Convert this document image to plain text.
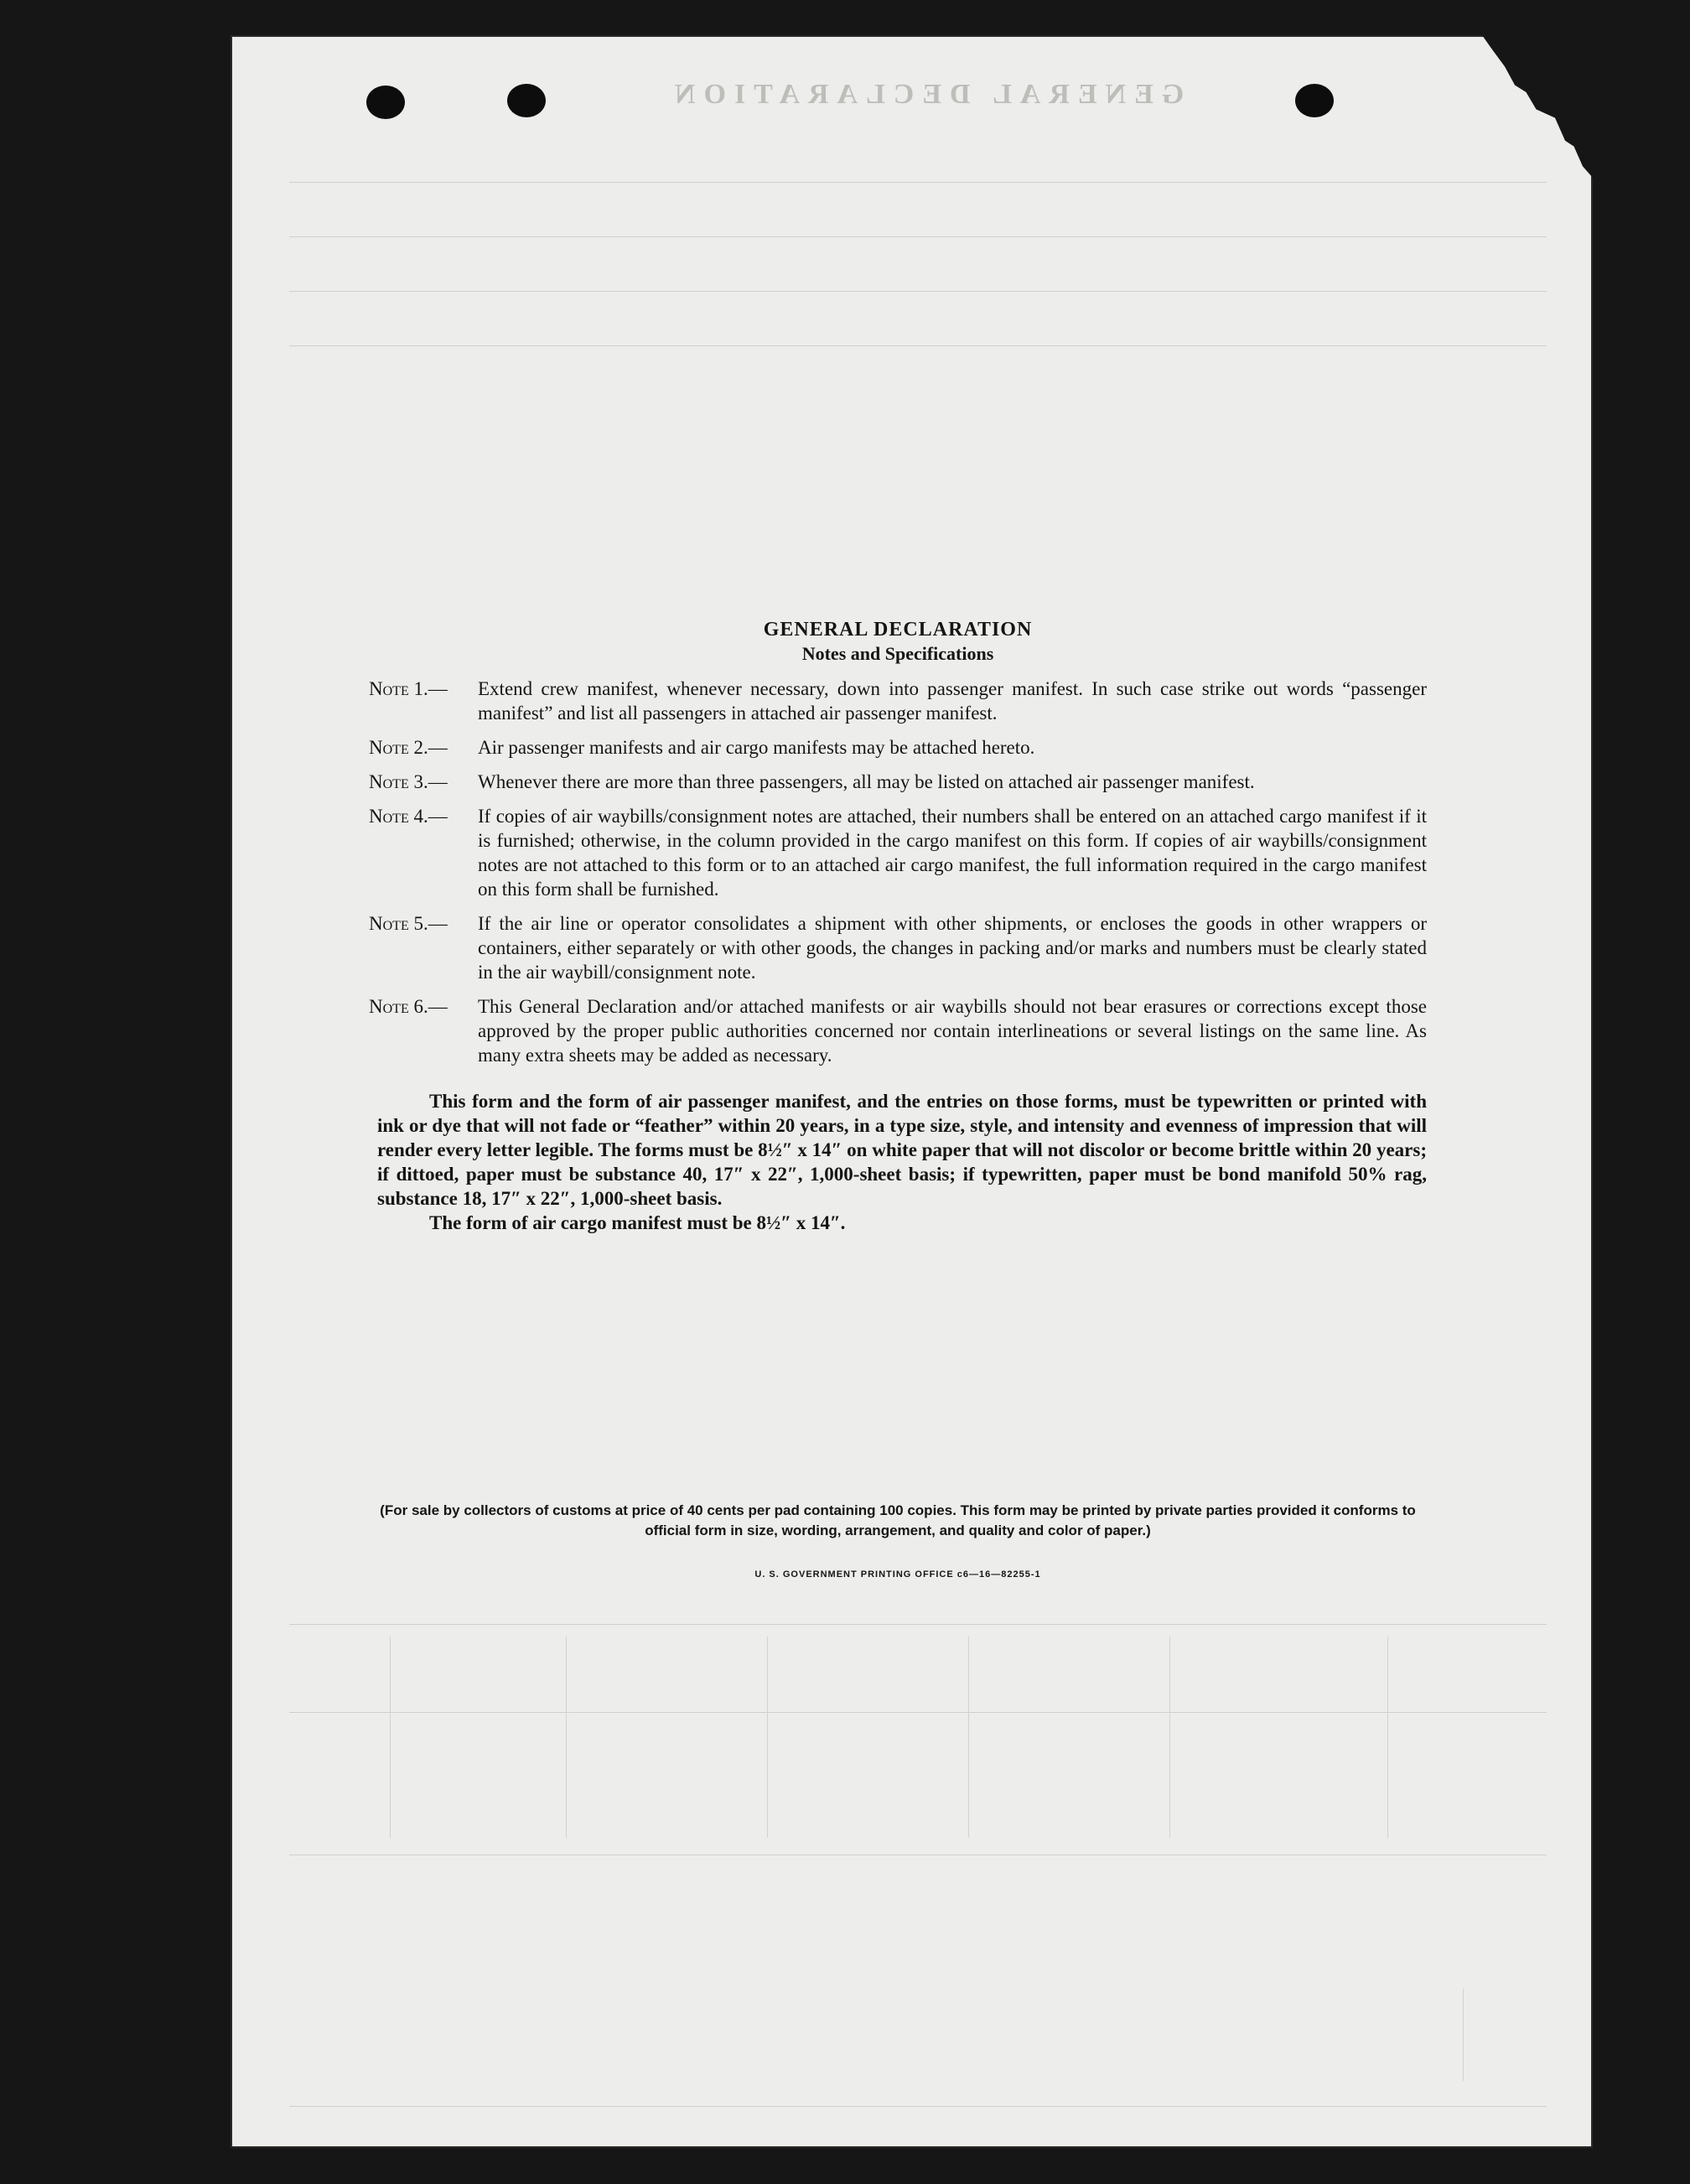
GENERAL DECLARATION
GENERAL DECLARATION
Notes and Specifications
Note 1.—	Extend crew manifest, whenever necessary, down into passenger manifest. In such case strike out words “passenger manifest” and list all passengers in attached air passenger manifest.
Note 2.—	Air passenger manifests and air cargo manifests may be attached hereto.
Note 3.—	Whenever there are more than three passengers, all may be listed on attached air passenger manifest.
Note 4.—	If copies of air waybills/consignment notes are attached, their numbers shall be entered on an attached cargo manifest if it is furnished; otherwise, in the column provided in the cargo manifest on this form. If copies of air waybills/consignment notes are not attached to this form or to an attached air cargo manifest, the full information required in the cargo manifest on this form shall be furnished.
Note 5.—	If the air line or operator consolidates a shipment with other shipments, or encloses the goods in other wrappers or containers, either separately or with other goods, the changes in packing and/or marks and numbers must be clearly stated in the air waybill/consignment note.
Note 6.—	This General Declaration and/or attached manifests or air waybills should not bear erasures or corrections except those approved by the proper public authorities concerned nor contain interlineations or several listings on the same line. As many extra sheets may be added as necessary.

This form and the form of air passenger manifest, and the entries on those forms, must be typewritten or printed with ink or dye that will not fade or “feather” within 20 years, in a type size, style, and intensity and evenness of impression that will render every letter legible. The forms must be 8½″ x 14″ on white paper that will not discolor or become brittle within 20 years; if dittoed, paper must be substance 40, 17″ x 22″, 1,000-sheet basis; if typewritten, paper must be bond manifold 50% rag, substance 18, 17″ x 22″, 1,000-sheet basis.

The form of air cargo manifest must be 8½″ x 14″.

(For sale by collectors of customs at price of 40 cents per pad containing 100 copies. This form may be printed by private parties provided it conforms to official form in size, wording, arrangement, and quality and color of paper.)
U. S. GOVERNMENT PRINTING OFFICE c6—16—82255-1
